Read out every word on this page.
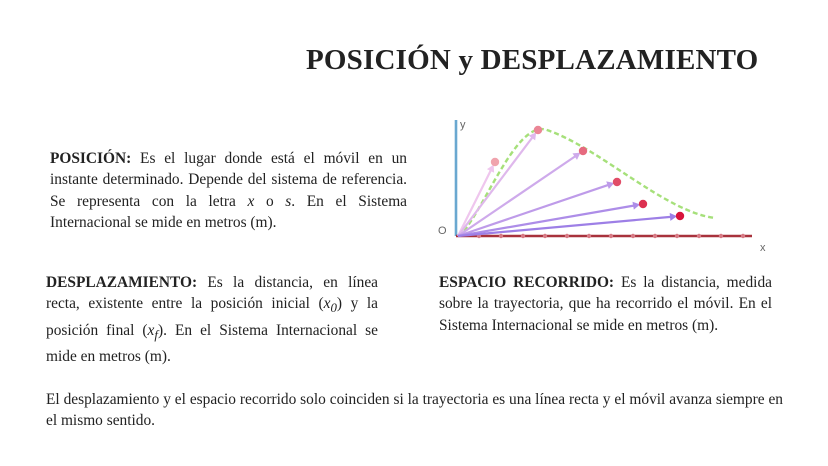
POSICIÓN y DESPLAZAMIENTO
POSICIÓN: Es el lugar donde está el móvil en un instante determinado. Depende del sistema de referencia. Se representa con la letra x o s. En el Sistema Internacional se mide en metros (m).
y
x
O
DESPLAZAMIENTO: Es la distancia, en línea recta, existente entre la posición inicial $(x_0)$ y la posición final $(x_f)$. En el Sistema Internacional se mide en metros (m).
ESPACIO RECORRIDO: Es la distancia, medida sobre la trayectoria, que ha recorrido el móvil. En el Sistema Internacional se mide en metros (m).
El desplazamiento y el espacio recorrido solo coinciden si la trayectoria es una línea recta y el móvil avanza siempre en el mismo sentido.
